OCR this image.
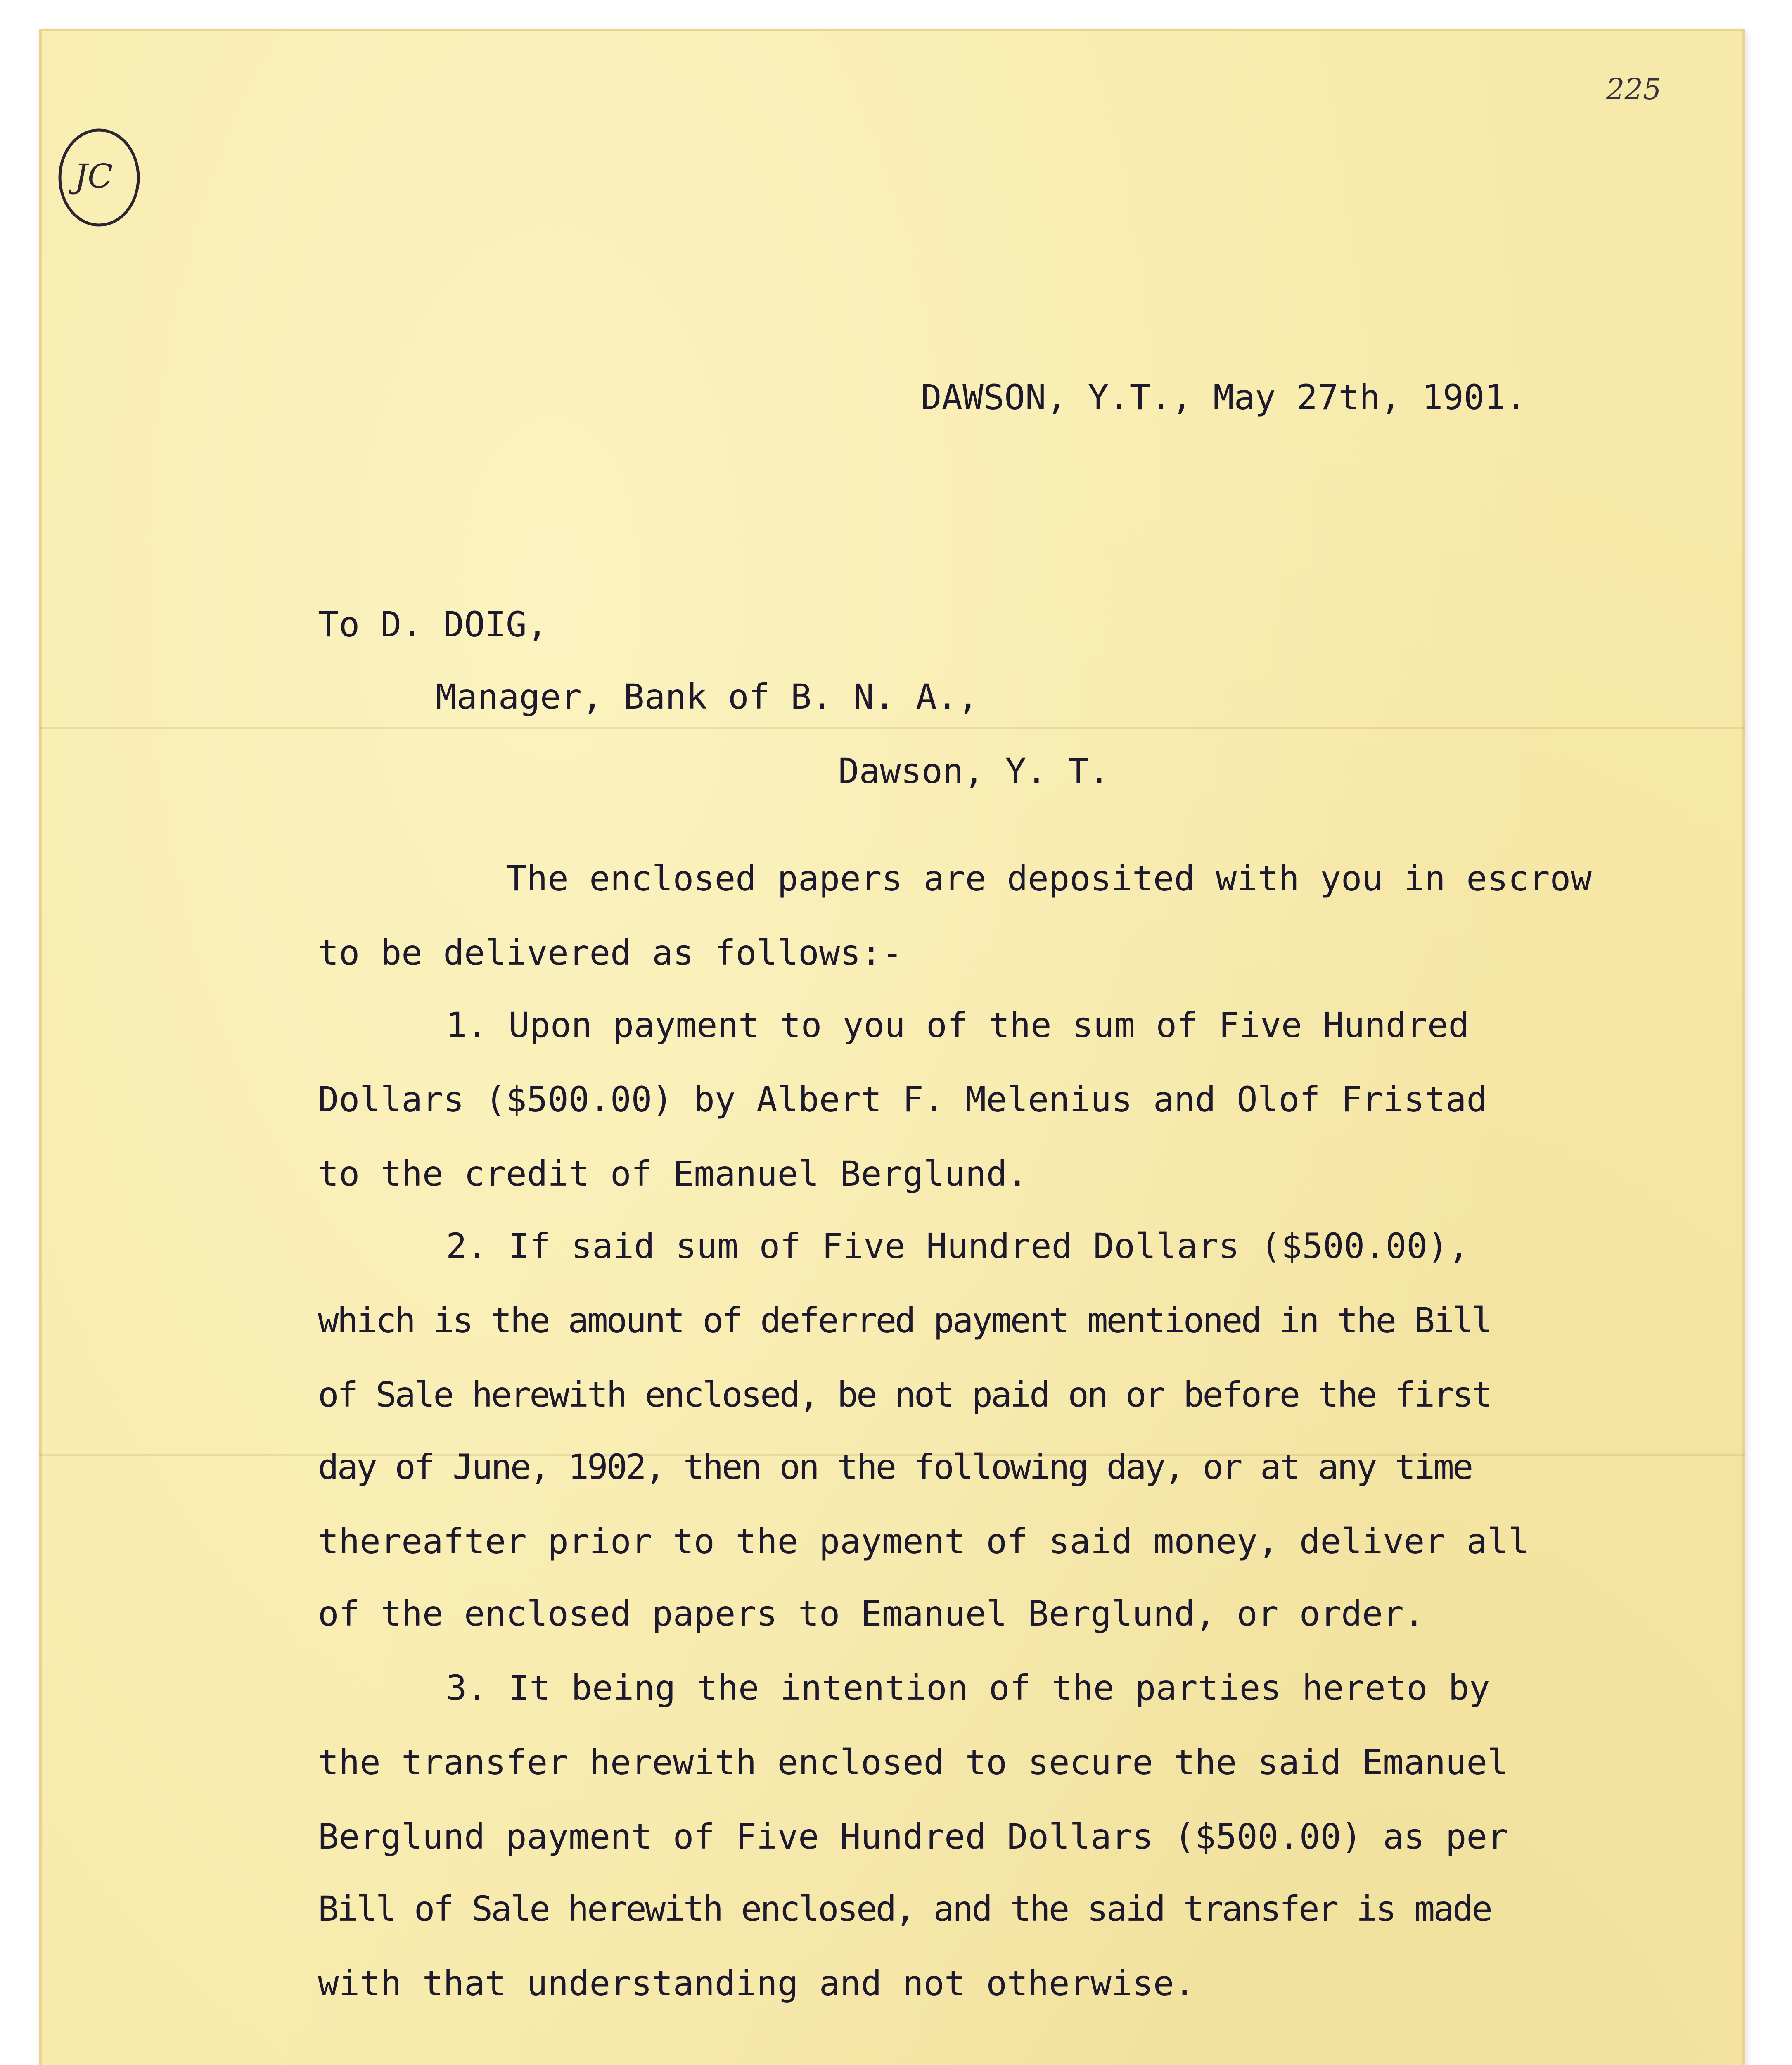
225
JC
DAWSON, Y.T., May 27th, 1901.
To D. DOIG,
Manager, Bank of B. N. A.,
Dawson, Y. T.
The enclosed papers are deposited with you in escrow
to be delivered as follows:-
1. Upon payment to you of the sum of Five Hundred
Dollars ($500.00) by Albert F. Melenius and Olof Fristad
to the credit of Emanuel Berglund.
2. If said sum of Five Hundred Dollars ($500.00),
which is the amount of deferred payment mentioned in the Bill
of Sale herewith enclosed, be not paid on or before the first
day of June, 1902, then on the following day, or at any time
thereafter prior to the payment of said money, deliver all
of the enclosed papers to Emanuel Berglund, or order.
3. It being the intention of the parties hereto by
the transfer herewith enclosed to secure the said Emanuel
Berglund payment of Five Hundred Dollars ($500.00) as per
Bill of Sale herewith enclosed, and the said transfer is made
with that understanding and not otherwise.
